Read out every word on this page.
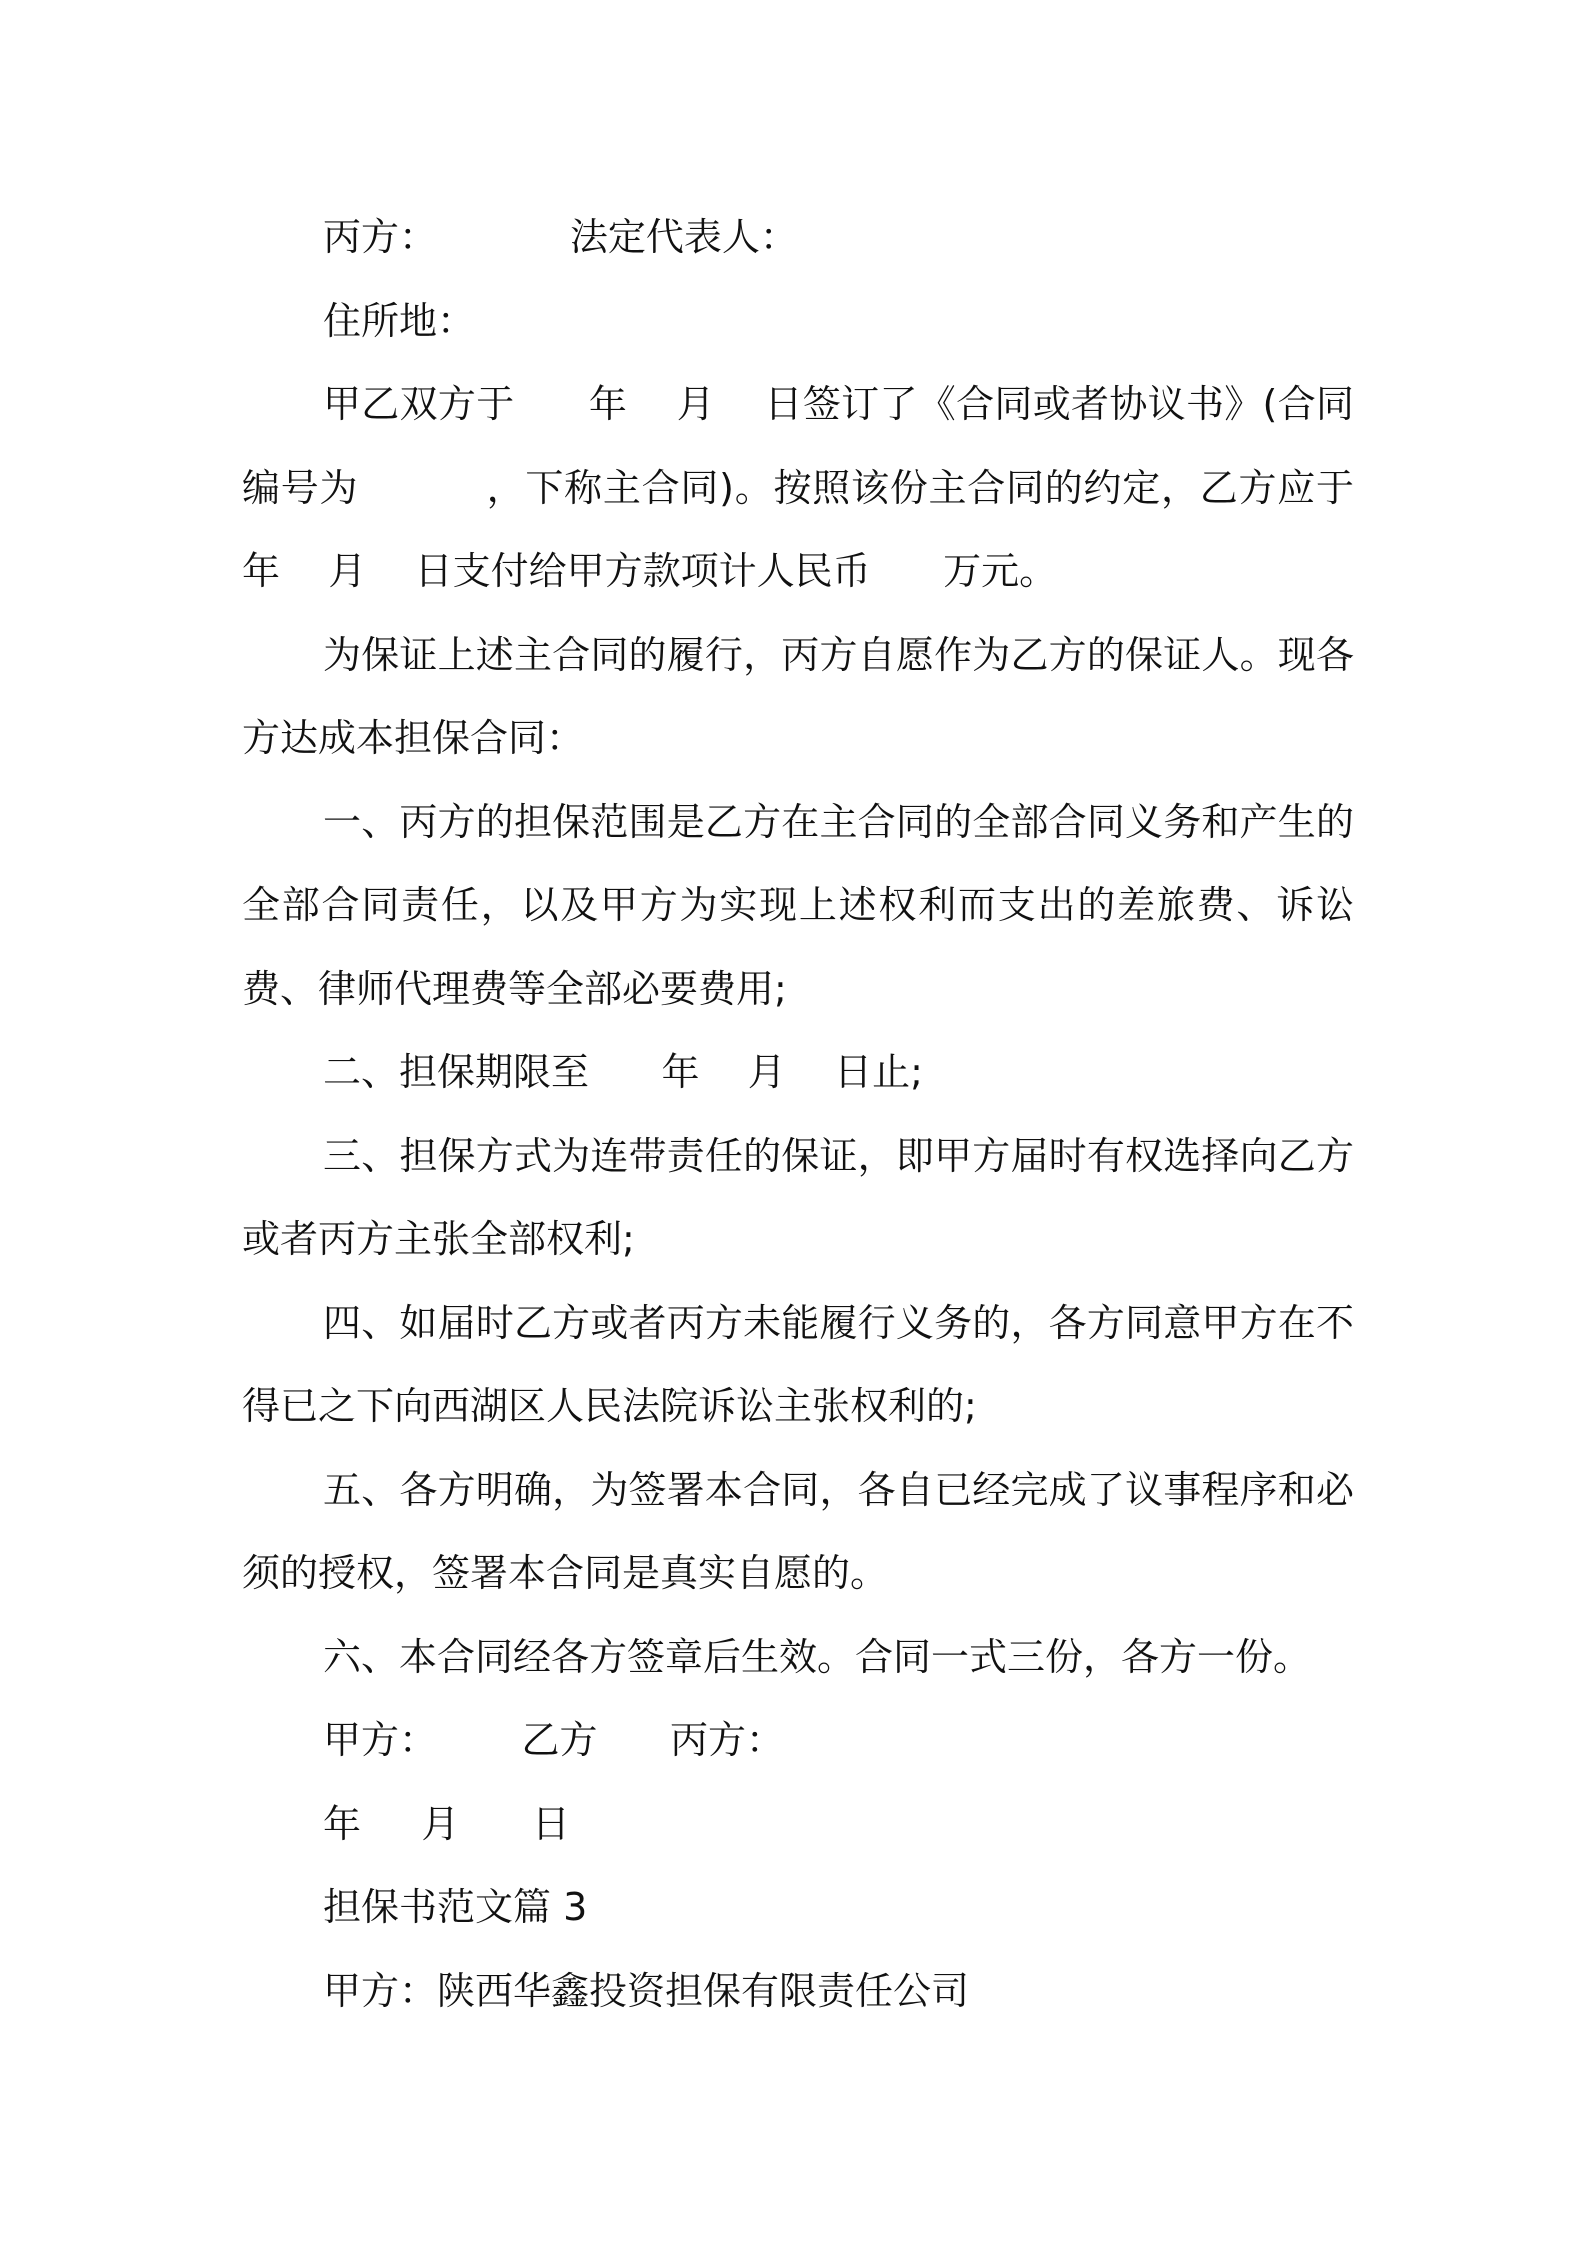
丙方：           法定代表人：
住所地：

甲乙双方于      年    月    日签订了《合同或者协议书》(合同编号为          ，下称主合同)。按照该份主合同的约定，乙方应于      年    月    日支付给甲方款项计人民币      万元。

为保证上述主合同的履行，丙方自愿作为乙方的保证人。现各方达成本担保合同：

一、丙方的担保范围是乙方在主合同的全部合同义务和产生的全部合同责任，以及甲方为实现上述权利而支出的差旅费、诉讼费、律师代理费等全部必要费用;

二、担保期限至      年    月    日止;

三、担保方式为连带责任的保证，即甲方届时有权选择向乙方或者丙方主张全部权利;

四、如届时乙方或者丙方未能履行义务的，各方同意甲方在不得已之下向西湖区人民法院诉讼主张权利的;

五、各方明确，为签署本合同，各自已经完成了议事程序和必须的授权，签署本合同是真实自愿的。

六、本合同经各方签章后生效。合同一式三份，各方一份。

甲方：       乙方      丙方：
年     月      日
担保书范文篇 3
甲方：陕西华鑫投资担保有限责任公司
